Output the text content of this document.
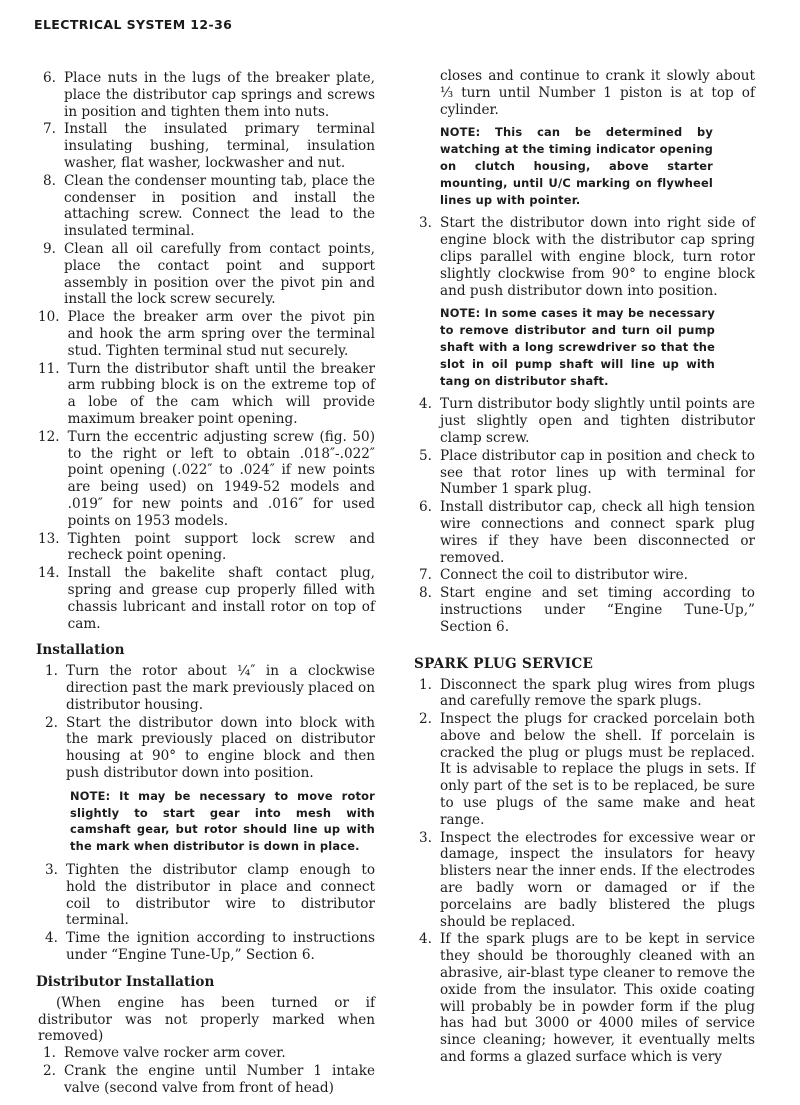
ELECTRICAL SYSTEM 12-36
6. Place nuts in the lugs of the breaker plate, place the distributor cap springs and screws in position and tighten them into nuts.
7. Install the insulated primary terminal insulating bushing, terminal, insulation washer, flat washer, lockwasher and nut.
8. Clean the condenser mounting tab, place the condenser in position and install the attaching screw. Connect the lead to the insulated terminal.
9. Clean all oil carefully from contact points, place the contact point and support assembly in position over the pivot pin and install the lock screw securely.
10. Place the breaker arm over the pivot pin and hook the arm spring over the terminal stud. Tighten terminal stud nut securely.
11. Turn the distributor shaft until the breaker arm rubbing block is on the extreme top of a lobe of the cam which will provide maximum breaker point opening.
12. Turn the eccentric adjusting screw (fig. 50) to the right or left to obtain .018″-.022″ point opening (.022″ to .024″ if new points are being used) on 1949-52 models and .019″ for new points and .016″ for used points on 1953 models.
13. Tighten point support lock screw and recheck point opening.
14. Install the bakelite shaft contact plug, spring and grease cup properly filled with chassis lubricant and install rotor on top of cam.
Installation
1. Turn the rotor about ¼″ in a clockwise direction past the mark previously placed on distributor housing.
2. Start the distributor down into block with the mark previously placed on distributor housing at 90° to engine block and then push distributor down into position.
NOTE: It may be necessary to move rotor slightly to start gear into mesh with camshaft gear, but rotor should line up with the mark when distributor is down in place.
3. Tighten the distributor clamp enough to hold the distributor in place and connect coil to distributor wire to distributor terminal.
4. Time the ignition according to instructions under “Engine Tune-Up,” Section 6.
Distributor Installation
(When engine has been turned or if distributor was not properly marked when removed)
1. Remove valve rocker arm cover.
2. Crank the engine until Number 1 intake valve (second valve from front of head)
closes and continue to crank it slowly about ⅓ turn until Number 1 piston is at top of cylinder.
NOTE: This can be determined by watching at the timing indicator opening on clutch housing, above starter mounting, until U/C marking on flywheel lines up with pointer.
3. Start the distributor down into right side of engine block with the distributor cap spring clips parallel with engine block, turn rotor slightly clockwise from 90° to engine block and push distributor down into position.
NOTE: In some cases it may be necessary to remove distributor and turn oil pump shaft with a long screwdriver so that the slot in oil pump shaft will line up with tang on distributor shaft.
4. Turn distributor body slightly until points are just slightly open and tighten distributor clamp screw.
5. Place distributor cap in position and check to see that rotor lines up with terminal for Number 1 spark plug.
6. Install distributor cap, check all high tension wire connections and connect spark plug wires if they have been disconnected or removed.
7. Connect the coil to distributor wire.
8. Start engine and set timing according to instructions under “Engine Tune-Up,” Section 6.
SPARK PLUG SERVICE
1. Disconnect the spark plug wires from plugs and carefully remove the spark plugs.
2. Inspect the plugs for cracked porcelain both above and below the shell. If porcelain is cracked the plug or plugs must be replaced. It is advisable to replace the plugs in sets. If only part of the set is to be replaced, be sure to use plugs of the same make and heat range.
3. Inspect the electrodes for excessive wear or damage, inspect the insulators for heavy blisters near the inner ends. If the electrodes are badly worn or damaged or if the porcelains are badly blistered the plugs should be replaced.
4. If the spark plugs are to be kept in service they should be thoroughly cleaned with an abrasive, air-blast type cleaner to remove the oxide from the insulator. This oxide coating will probably be in powder form if the plug has had but 3000 or 4000 miles of service since cleaning; however, it eventually melts and forms a glazed surface which is very
